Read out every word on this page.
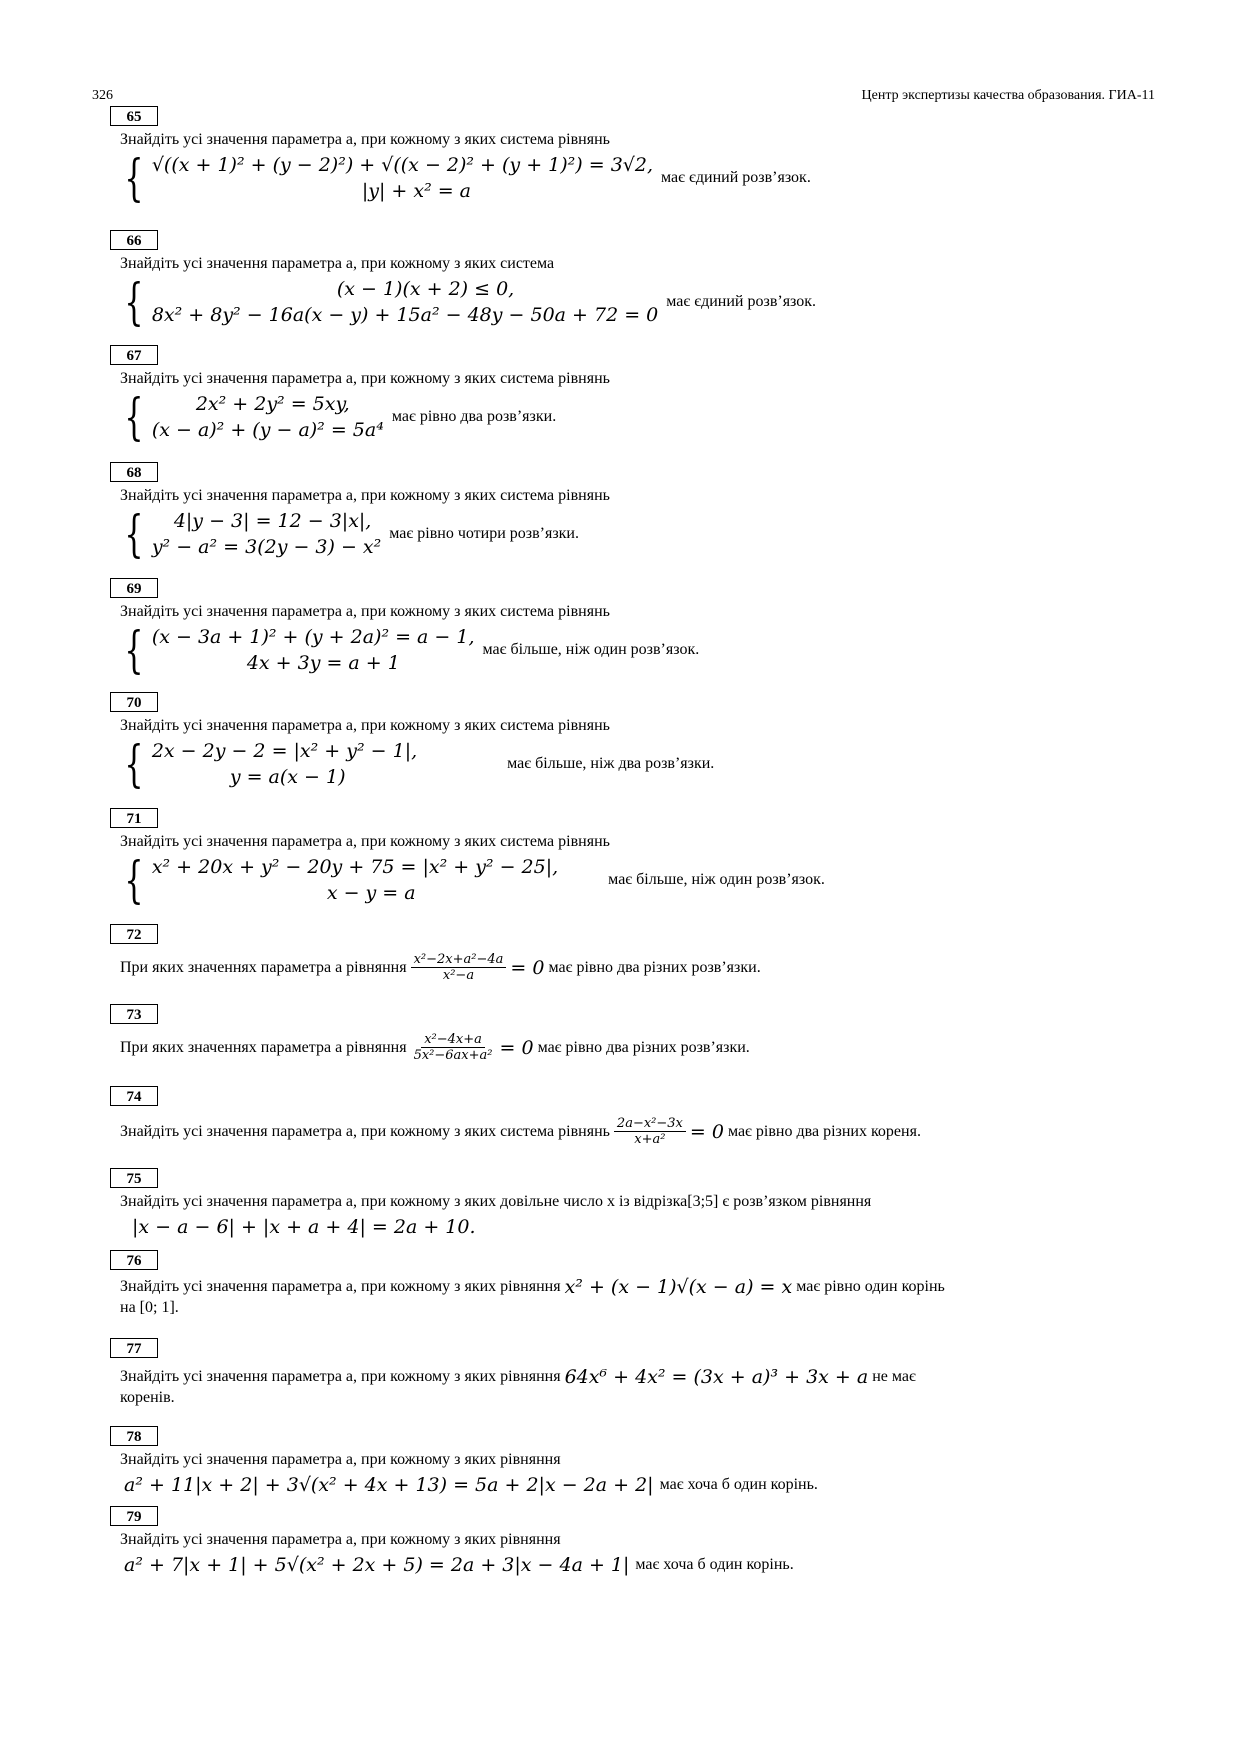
326	Центр экспертизы качества образования. ГИА-11
65
Знайдіть усі значення параметра a, при кожному з яких система рівнянь
{ √((x + 1)² + (y − 2)²) + √((x − 2)² + (y + 1)²) = 3√2,
|y| + x² = a
має єдиний розв’язок.
66
Знайдіть усі значення параметра a, при кожному з яких система
{	(x − 1)(x + 2) ≤ 0,
8x² + 8y² − 16a(x − y) + 15a² − 48y − 50a + 72 = 0
має єдиний розв’язок.
67
Знайдіть усі значення параметра a, при кожному з яких система рівнянь
{	2x² + 2y² = 5xy,
(x − a)² + (y − a)² = 5a⁴
має рівно два розв’язки.
68
Знайдіть усі значення параметра a, при кожному з яких система рівнянь
{	4|y − 3| = 12 − 3|x|,
y² − a² = 3(2y − 3) − x²
має рівно чотири розв’язки.
69
Знайдіть усі значення параметра a, при кожному з яких система рівнянь
{ (x − 3a + 1)² + (y + 2a)² = a − 1,
4x + 3y = a + 1
має більше, ніж один розв’язок.
70
Знайдіть усі значення параметра a, при кожному з яких система рівнянь
{ 2x − 2y − 2 = |x² + y² − 1|,
y = a(x − 1)
має більше, ніж два розв’язки.
71
Знайдіть усі значення параметра a, при кожному з яких система рівнянь
{ x² + 20x + y² − 20y + 75 = |x² + y² − 25|,
x − y = a
має більше, ніж один розв’язок.
72
При яких значеннях параметра a рівняння $\frac{\text{x²−2x+a²−4a}}{\text{x²−a}} = 0$ має рівно два різних розв’язки.
73
При яких значеннях параметра a рівняння $\frac{\text{x²−4x+a}}{\text{5x²−6ax+a²}} = 0$ має рівно два різних розв’язки.
74
Знайдіть усі значення параметра a, при кожному з яких система рівнянь $\frac{\text{2a−x²−3x}}{\text{x+a²}} = 0$ має рівно два різних кореня.
75
Знайдіть усі значення параметра a, при кожному з яких довільне число x із відрізка[3;5] є розв’язком рівняння
|x − a − 6| + |x + a + 4| = 2a + 10.
76
Знайдіть усі значення параметра a, при кожному з яких рівняння x² + (x − 1)√(x − a) = x має рівно один корінь
на [0; 1].
77
Знайдіть усі значення параметра a, при кожному з яких рівняння 64x⁶ + 4x² = (3x + a)³ + 3x + a не має
коренів.
78
Знайдіть усі значення параметра a, при кожному з яких рівняння
a² + 11|x + 2| + 3√(x² + 4x + 13) = 5a + 2|x − 2a + 2| має хоча б один корінь.
79
Знайдіть усі значення параметра a, при кожному з яких рівняння
a² + 7|x + 1| + 5√(x² + 2x + 5) = 2a + 3|x − 4a + 1| має хоча б один корінь.
